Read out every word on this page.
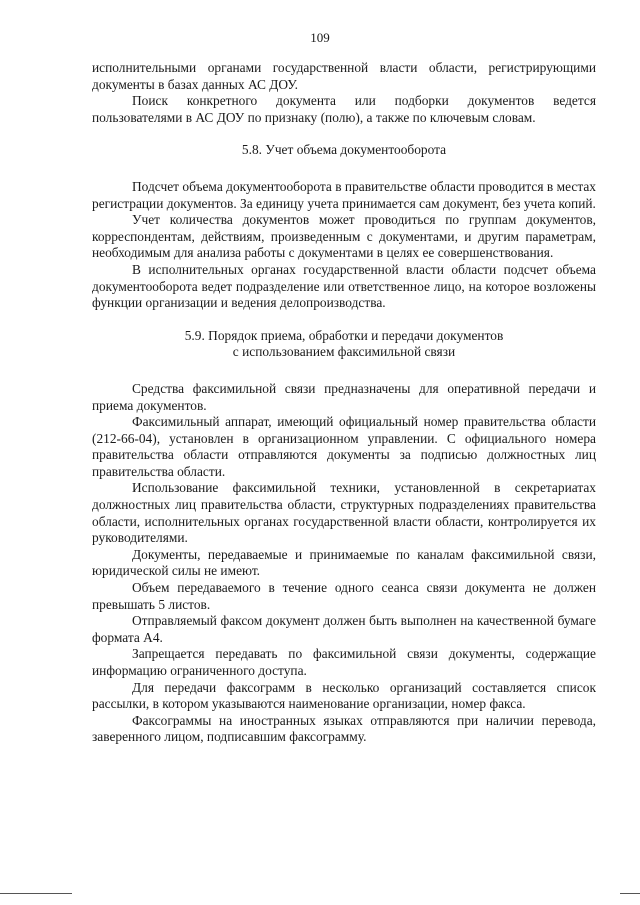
109

исполнительными органами государственной власти области, регистрирующими документы в базах данных АС ДОУ.

Поиск конкретного документа или подборки документов ведется пользователями в АС ДОУ по признаку (полю), а также по ключевым словам.

5.8. Учет объема документооборота

Подсчет объема документооборота в правительстве области проводится в местах регистрации документов. За единицу учета принимается сам документ, без учета копий.

Учет количества документов может проводиться по группам документов, корреспондентам, действиям, произведенным с документами, и другим параметрам, необходимым для анализа работы с документами в целях ее совершенствования.

В исполнительных органах государственной власти области подсчет объема документооборота ведет подразделение или ответственное лицо, на которое возложены функции организации и ведения делопроизводства.

5.9. Порядок приема, обработки и передачи документов
с использованием факсимильной связи

Средства факсимильной связи предназначены для оперативной передачи и приема документов.

Факсимильный аппарат, имеющий официальный номер правительства области (212-66-04), установлен в организационном управлении. С официального номера правительства области отправляются документы за подписью должностных лиц правительства области.

Использование факсимильной техники, установленной в секретариатах должностных лиц правительства области, структурных подразделениях правительства области, исполнительных органах государственной власти области, контролируется их руководителями.

Документы, передаваемые и принимаемые по каналам факсимильной связи, юридической силы не имеют.

Объем передаваемого в течение одного сеанса связи документа не должен превышать 5 листов.

Отправляемый факсом документ должен быть выполнен на качественной бумаге формата А4.

Запрещается передавать по факсимильной связи документы, содержащие информацию ограниченного доступа.

Для передачи факсограмм в несколько организаций составляется список рассылки, в котором указываются наименование организации, номер факса.

Факсограммы на иностранных языках отправляются при наличии перевода, заверенного лицом, подписавшим факсограмму.
